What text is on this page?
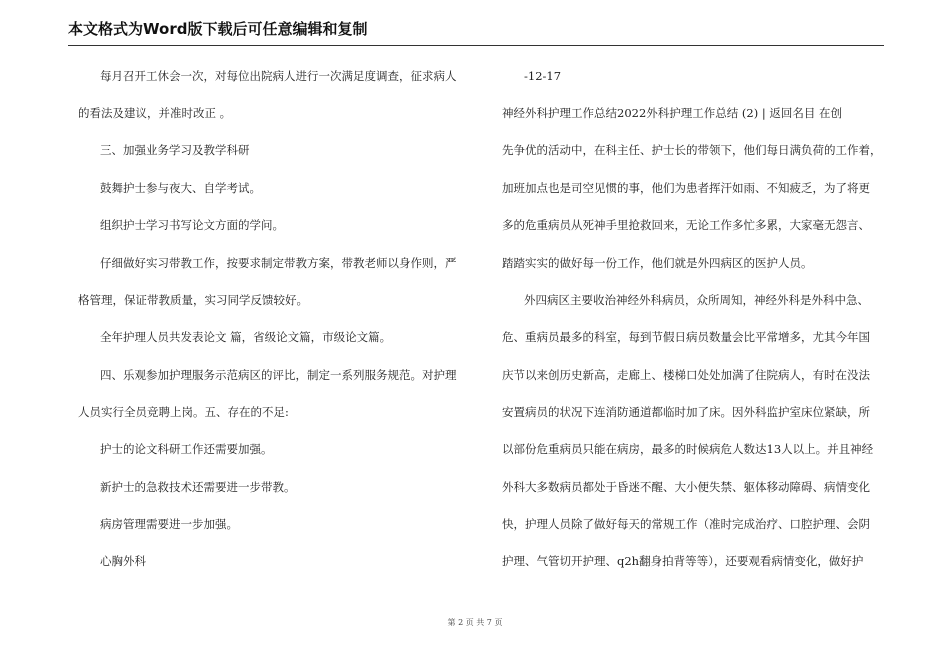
本文格式为Word版下载后可任意编辑和复制
每月召开工休会一次，对每位出院病人进行一次满足度调查，征求病人
的看法及建议，并准时改正 。
三、加强业务学习及教学科研
鼓舞护士参与夜大、自学考试。
组织护士学习书写论文方面的学问。
仔细做好实习带教工作，按要求制定带教方案，带教老师以身作则，严
格管理，保证带教质量，实习同学反馈较好。
全年护理人员共发表论文 篇，省级论文篇，市级论文篇。
四、乐观参加护理服务示范病区的评比，制定一系列服务规范。对护理
人员实行全员竞聘上岗。五、存在的不足:
护士的论文科研工作还需要加强。
新护士的急救技术还需要进一步带教。
病房管理需要进一步加强。
心胸外科
-12-17
神经外科护理工作总结2022外科护理工作总结 (2) | 返回名目 在创
先争优的活动中，在科主任、护士长的带领下，他们每日满负荷的工作着，
加班加点也是司空见惯的事，他们为患者挥汗如雨、不知疲乏，为了将更
多的危重病员从死神手里抢救回来，无论工作多忙多累，大家毫无怨言、
踏踏实实的做好每一份工作，他们就是外四病区的医护人员。
外四病区主要收治神经外科病员，众所周知，神经外科是外科中急、
危、重病员最多的科室，每到节假日病员数量会比平常增多，尤其今年国
庆节以来创历史新高，走廊上、楼梯口处处加满了住院病人，有时在没法
安置病员的状况下连消防通道都临时加了床。因外科监护室床位紧缺，所
以部份危重病员只能在病房，最多的时候病危人数达13人以上。并且神经
外科大多数病员都处于昏迷不醒、大小便失禁、躯体移动障碍、病情变化
快，护理人员除了做好每天的常规工作（准时完成治疗、口腔护理、会阴
护理、气管切开护理、q2h翻身拍背等等），还要观看病情变化，做好护
第 2 页 共 7 页
